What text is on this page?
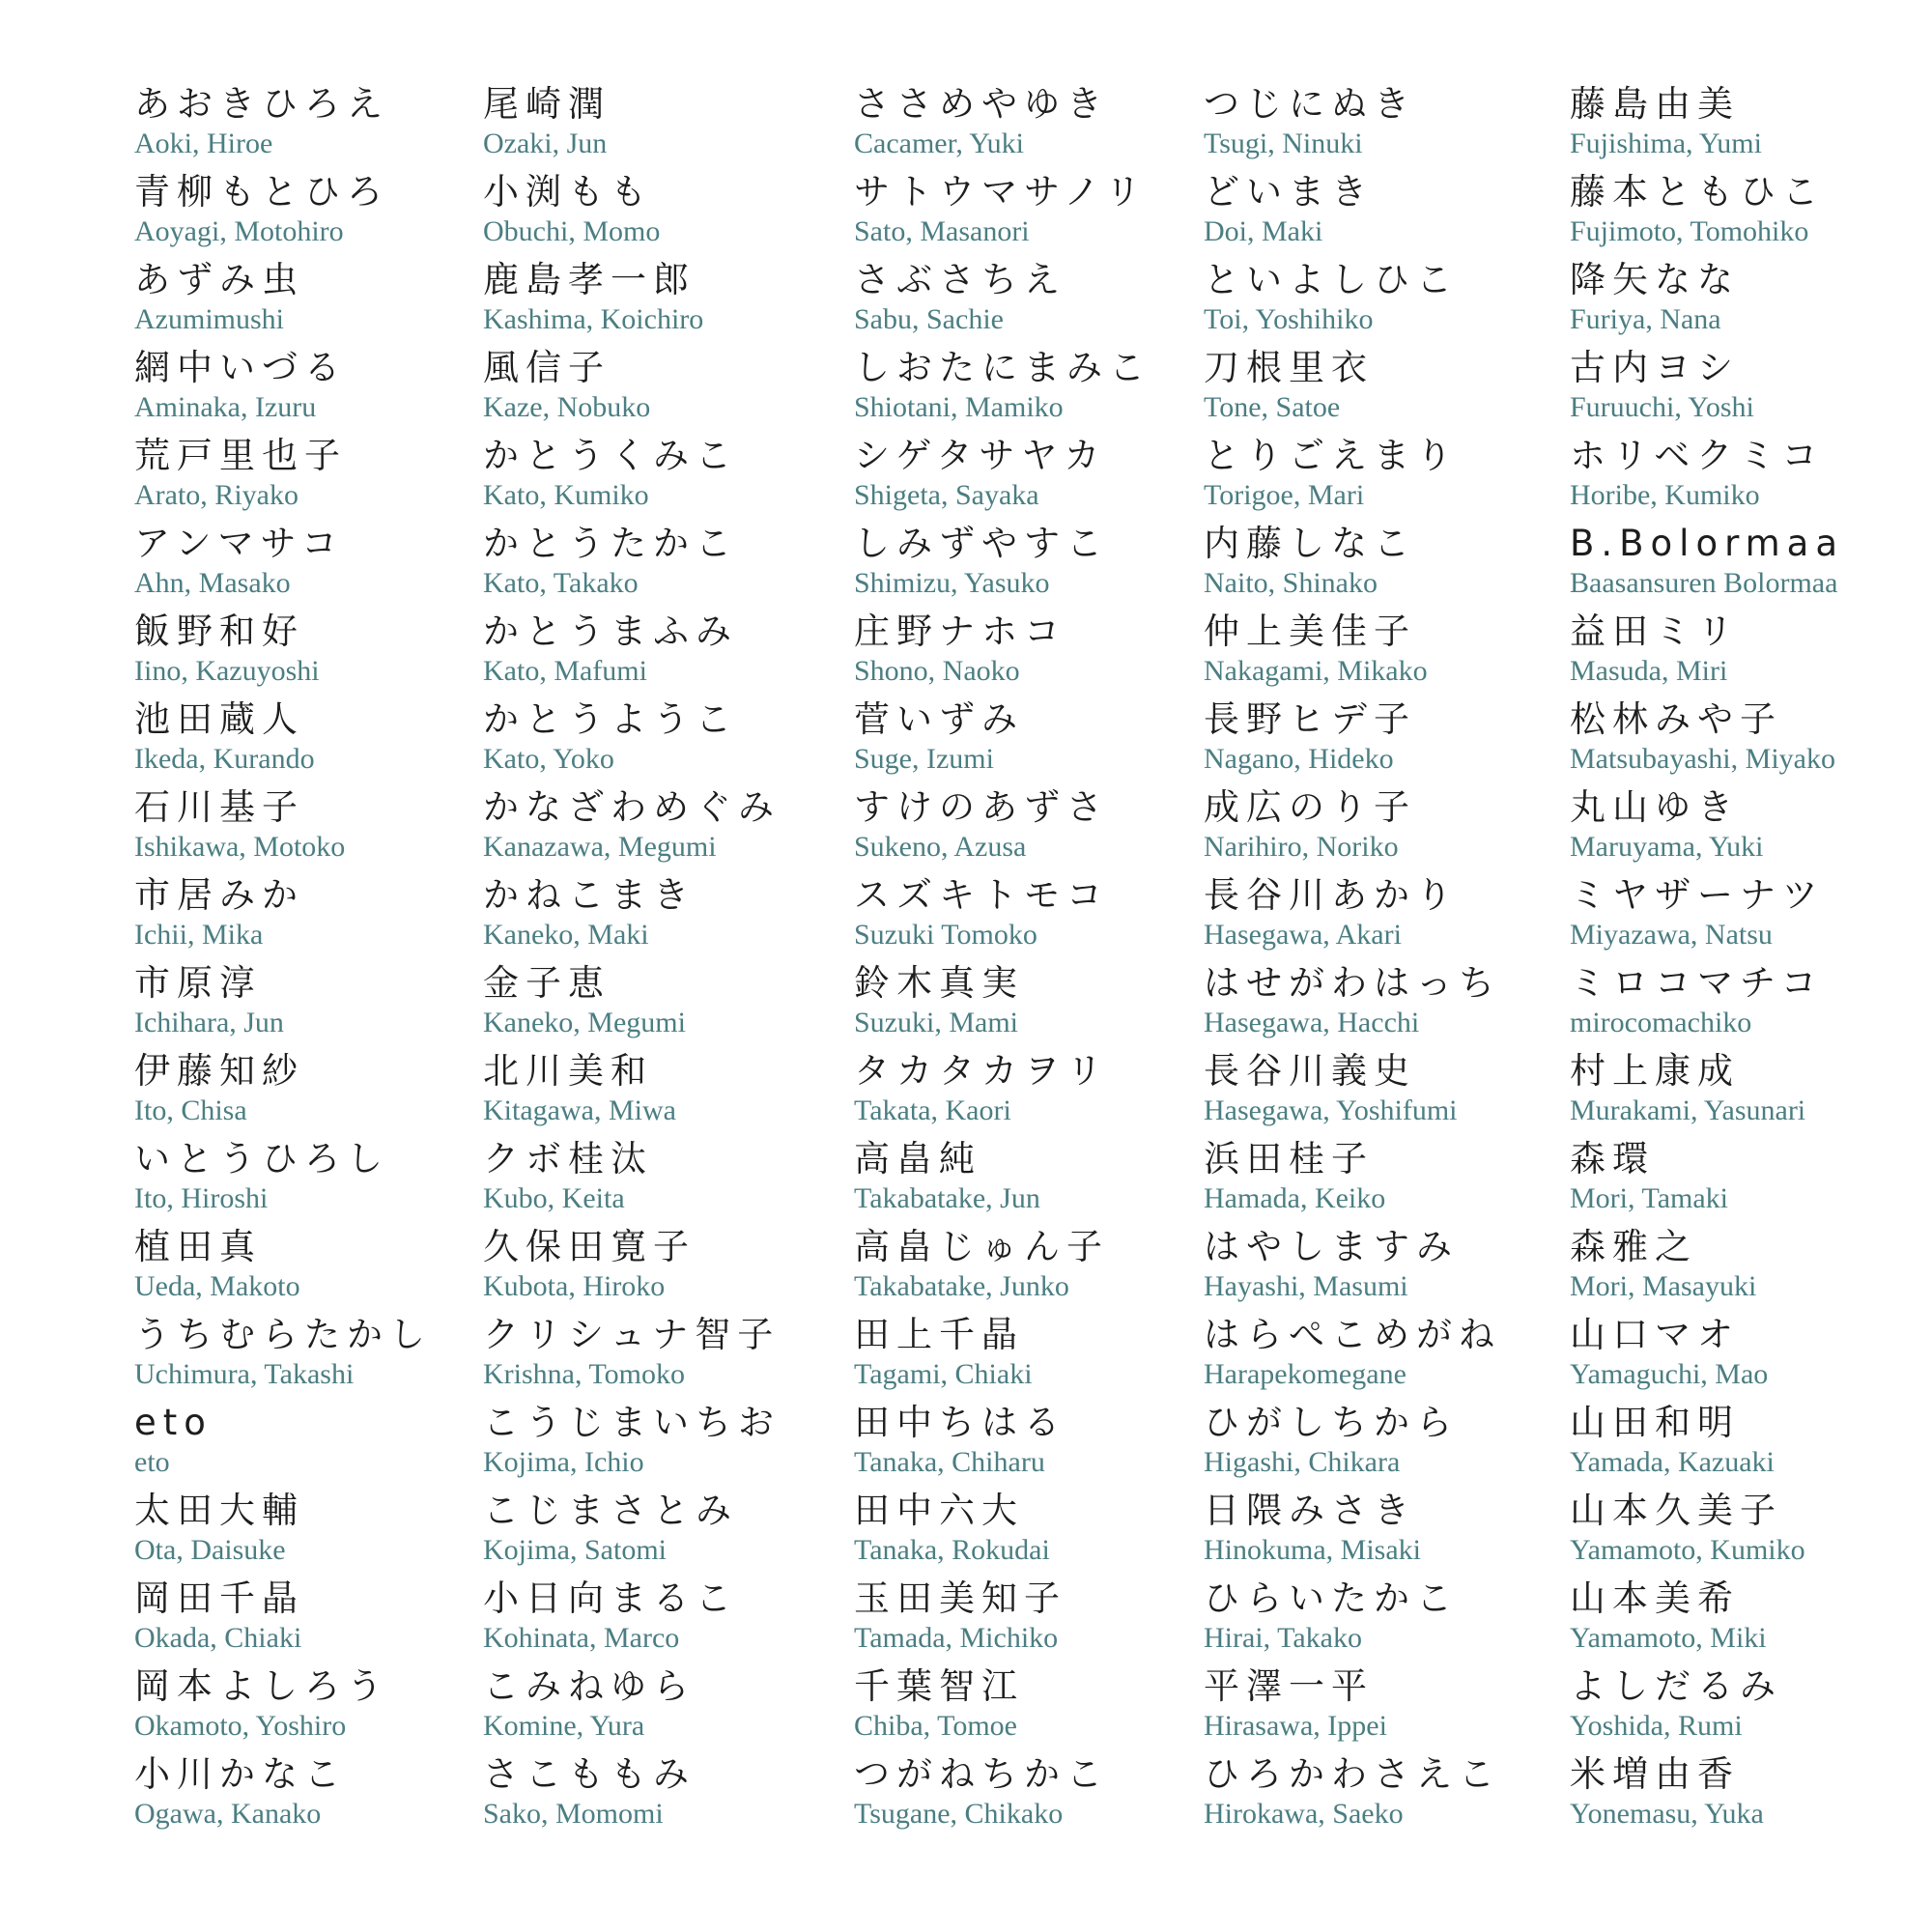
あおきひろえ
Aoki, Hiroe
青柳もとひろ
Aoyagi, Motohiro
あずみ虫
Azumimushi
網中いづる
Aminaka, Izuru
荒戸里也子
Arato, Riyako
アンマサコ
Ahn, Masako
飯野和好
Iino, Kazuyoshi
池田蔵人
Ikeda, Kurando
石川基子
Ishikawa, Motoko
市居みか
Ichii, Mika
市原淳
Ichihara, Jun
伊藤知紗
Ito, Chisa
いとうひろし
Ito, Hiroshi
植田真
Ueda, Makoto
うちむらたかし
Uchimura, Takashi
eto
eto
太田大輔
Ota, Daisuke
岡田千晶
Okada, Chiaki
岡本よしろう
Okamoto, Yoshiro
小川かなこ
Ogawa, Kanako
尾崎潤
Ozaki, Jun
小渕もも
Obuchi, Momo
鹿島孝一郎
Kashima, Koichiro
風信子
Kaze, Nobuko
かとうくみこ
Kato, Kumiko
かとうたかこ
Kato, Takako
かとうまふみ
Kato, Mafumi
かとうようこ
Kato, Yoko
かなざわめぐみ
Kanazawa, Megumi
かねこまき
Kaneko, Maki
金子恵
Kaneko, Megumi
北川美和
Kitagawa, Miwa
クボ桂汰
Kubo, Keita
久保田寛子
Kubota, Hiroko
クリシュナ智子
Krishna, Tomoko
こうじまいちお
Kojima, Ichio
こじまさとみ
Kojima, Satomi
小日向まるこ
Kohinata, Marco
こみねゆら
Komine, Yura
さこももみ
Sako, Momomi
ささめやゆき
Cacamer, Yuki
サトウマサノリ
Sato, Masanori
さぶさちえ
Sabu, Sachie
しおたにまみこ
Shiotani, Mamiko
シゲタサヤカ
Shigeta, Sayaka
しみずやすこ
Shimizu, Yasuko
庄野ナホコ
Shono, Naoko
菅いずみ
Suge, Izumi
すけのあずさ
Sukeno, Azusa
スズキトモコ
Suzuki Tomoko
鈴木真実
Suzuki, Mami
タカタカヲリ
Takata, Kaori
高畠純
Takabatake, Jun
高畠じゅん子
Takabatake, Junko
田上千晶
Tagami, Chiaki
田中ちはる
Tanaka, Chiharu
田中六大
Tanaka, Rokudai
玉田美知子
Tamada, Michiko
千葉智江
Chiba, Tomoe
つがねちかこ
Tsugane, Chikako
つじにぬき
Tsugi, Ninuki
どいまき
Doi, Maki
といよしひこ
Toi, Yoshihiko
刀根里衣
Tone, Satoe
とりごえまり
Torigoe, Mari
内藤しなこ
Naito, Shinako
仲上美佳子
Nakagami, Mikako
長野ヒデ子
Nagano, Hideko
成広のり子
Narihiro, Noriko
長谷川あかり
Hasegawa, Akari
はせがわはっち
Hasegawa, Hacchi
長谷川義史
Hasegawa, Yoshifumi
浜田桂子
Hamada, Keiko
はやしますみ
Hayashi, Masumi
はらぺこめがね
Harapekomegane
ひがしちから
Higashi, Chikara
日隈みさき
Hinokuma, Misaki
ひらいたかこ
Hirai, Takako
平澤一平
Hirasawa, Ippei
ひろかわさえこ
Hirokawa, Saeko
藤島由美
Fujishima, Yumi
藤本ともひこ
Fujimoto, Tomohiko
降矢なな
Furiya, Nana
古内ヨシ
Furuuchi, Yoshi
ホリベクミコ
Horibe, Kumiko
B.Bolormaa
Baasansuren Bolormaa
益田ミリ
Masuda, Miri
松林みや子
Matsubayashi, Miyako
丸山ゆき
Maruyama, Yuki
ミヤザーナツ
Miyazawa, Natsu
ミロコマチコ
mirocomachiko
村上康成
Murakami, Yasunari
森環
Mori, Tamaki
森雅之
Mori, Masayuki
山口マオ
Yamaguchi, Mao
山田和明
Yamada, Kazuaki
山本久美子
Yamamoto, Kumiko
山本美希
Yamamoto, Miki
よしだるみ
Yoshida, Rumi
米増由香
Yonemasu, Yuka
